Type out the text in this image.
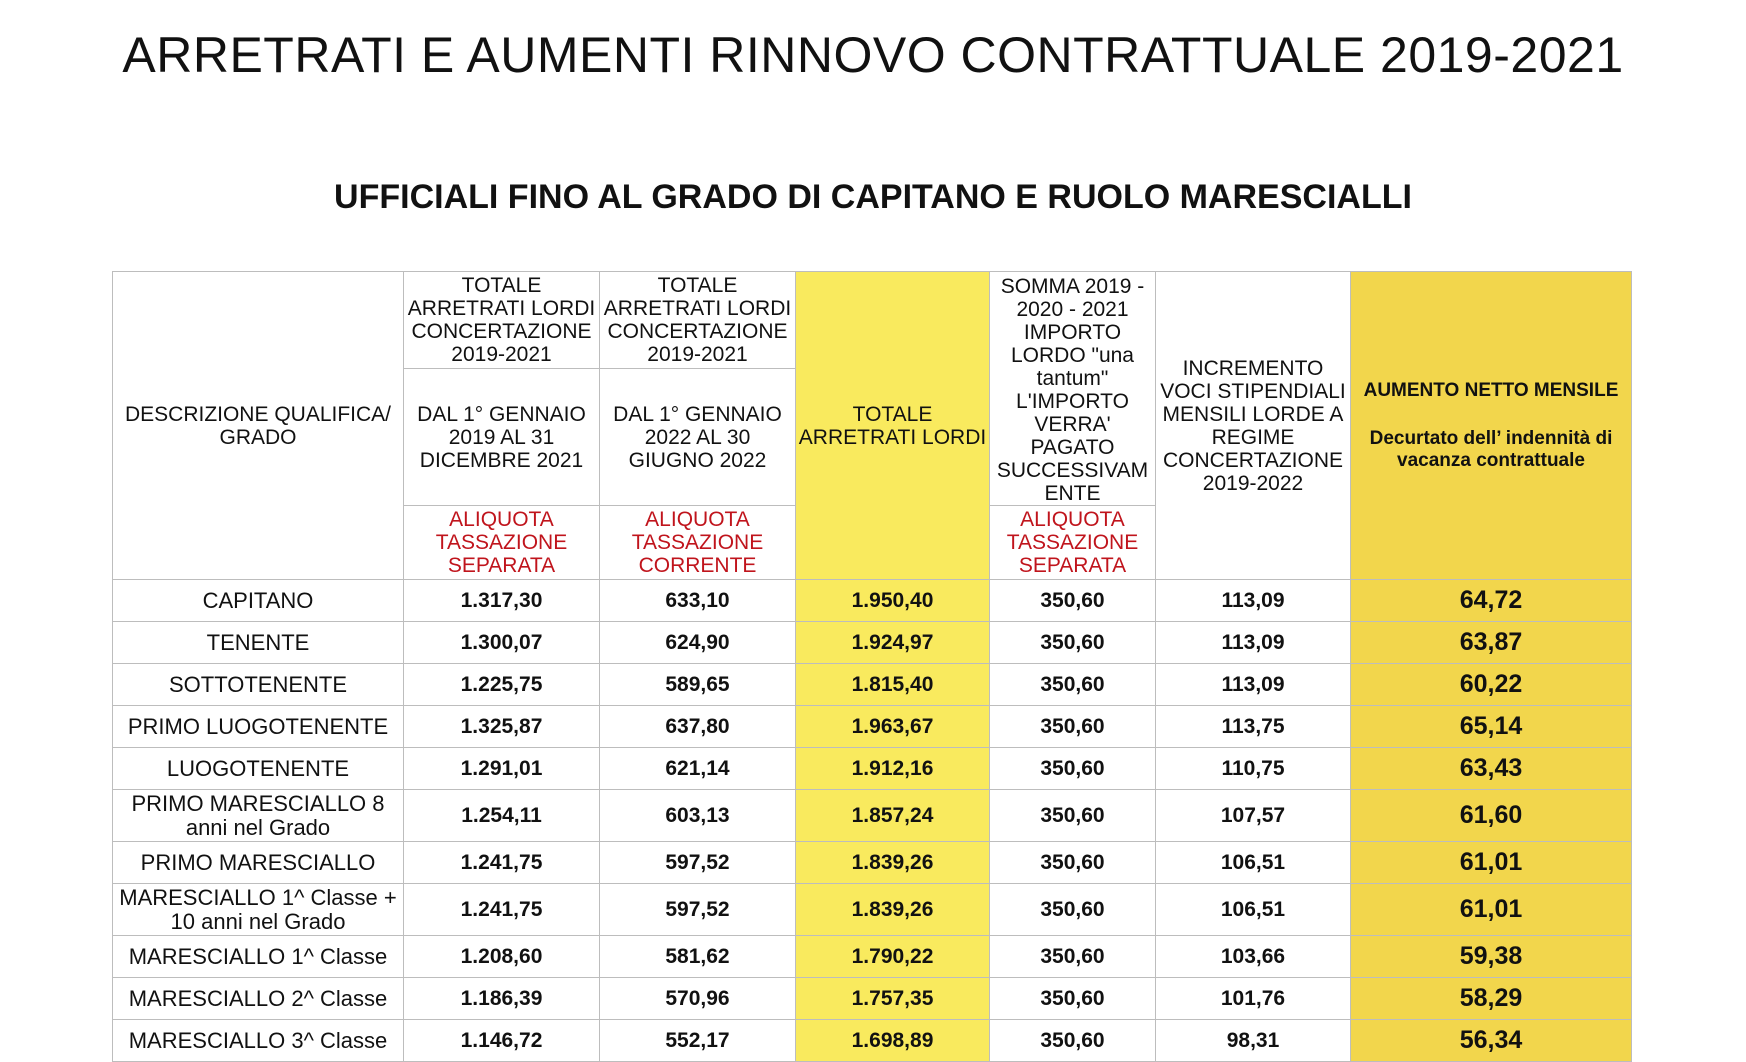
ARRETRATI E AUMENTI RINNOVO CONTRATTUALE 2019-2021
UFFICIALI FINO AL GRADO DI CAPITANO E RUOLO MARESCIALLI
DESCRIZIONE QUALIFICA/ GRADO	TOTALE ARRETRATI LORDI CONCERTAZIONE 2019-2021	TOTALE ARRETRATI LORDI CONCERTAZIONE 2019-2021	TOTALE ARRETRATI LORDI	SOMMA 2019 - 2020 - 2021 IMPORTO LORDO "una tantum" L'IMPORTO VERRA' PAGATO SUCCESSIVAM ENTE	INCREMENTO VOCI STIPENDIALI MENSILI LORDE A REGIME CONCERTAZIONE 2019-2022	AUMENTO NETTO MENSILE
Decurtato dell’ indennità di vacanza contrattuale

	DAL 1° GENNAIO 2019 AL 31 DICEMBRE 2021	DAL 1° GENNAIO 2022 AL 30 GIUGNO 2022				
	ALIQUOTA TASSAZIONE SEPARATA	ALIQUOTA TASSAZIONE CORRENTE		ALIQUOTA TASSAZIONE SEPARATA		
CAPITANO	1.317,30	633,10	1.950,40	350,60	113,09	64,72
TENENTE	1.300,07	624,90	1.924,97	350,60	113,09	63,87
SOTTOTENENTE	1.225,75	589,65	1.815,40	350,60	113,09	60,22
PRIMO LUOGOTENENTE	1.325,87	637,80	1.963,67	350,60	113,75	65,14
LUOGOTENENTE	1.291,01	621,14	1.912,16	350,60	110,75	63,43
PRIMO MARESCIALLO 8 anni nel Grado	1.254,11	603,13	1.857,24	350,60	107,57	61,60
PRIMO MARESCIALLO	1.241,75	597,52	1.839,26	350,60	106,51	61,01
MARESCIALLO 1^ Classe + 10 anni nel Grado	1.241,75	597,52	1.839,26	350,60	106,51	61,01
MARESCIALLO 1^ Classe	1.208,60	581,62	1.790,22	350,60	103,66	59,38
MARESCIALLO 2^ Classe	1.186,39	570,96	1.757,35	350,60	101,76	58,29
MARESCIALLO 3^ Classe	1.146,72	552,17	1.698,89	350,60	98,31	56,34
